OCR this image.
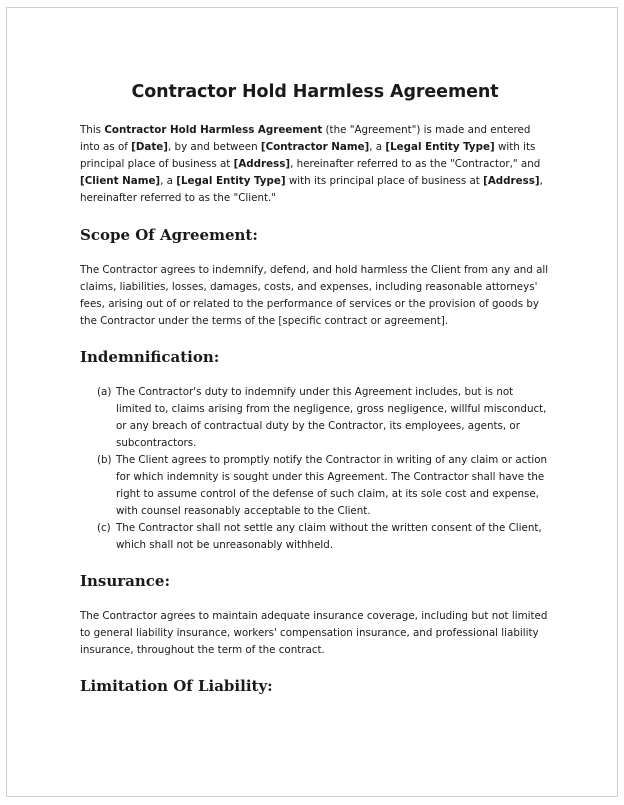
Contractor Hold Harmless Agreement

This Contractor Hold Harmless Agreement (the "Agreement") is made and entered into as of [Date], by and between [Contractor Name], a [Legal Entity Type] with its principal place of business at [Address], hereinafter referred to as the "Contractor," and [Client Name], a [Legal Entity Type] with its principal place of business at [Address], hereinafter referred to as the "Client."

Scope Of Agreement:

The Contractor agrees to indemnify, defend, and hold harmless the Client from any and all claims, liabilities, losses, damages, costs, and expenses, including reasonable attorneys' fees, arising out of or related to the performance of services or the provision of goods by the Contractor under the terms of the [specific contract or agreement].

Indemnification:
(a) The Contractor's duty to indemnify under this Agreement includes, but is not limited to, claims arising from the negligence, gross negligence, willful misconduct, or any breach of contractual duty by the Contractor, its employees, agents, or subcontractors.
(b) The Client agrees to promptly notify the Contractor in writing of any claim or action for which indemnity is sought under this Agreement. The Contractor shall have the right to assume control of the defense of such claim, at its sole cost and expense, with counsel reasonably acceptable to the Client.
(c) The Contractor shall not settle any claim without the written consent of the Client, which shall not be unreasonably withheld.
Insurance:

The Contractor agrees to maintain adequate insurance coverage, including but not limited to general liability insurance, workers' compensation insurance, and professional liability insurance, throughout the term of the contract.

Limitation Of Liability:
